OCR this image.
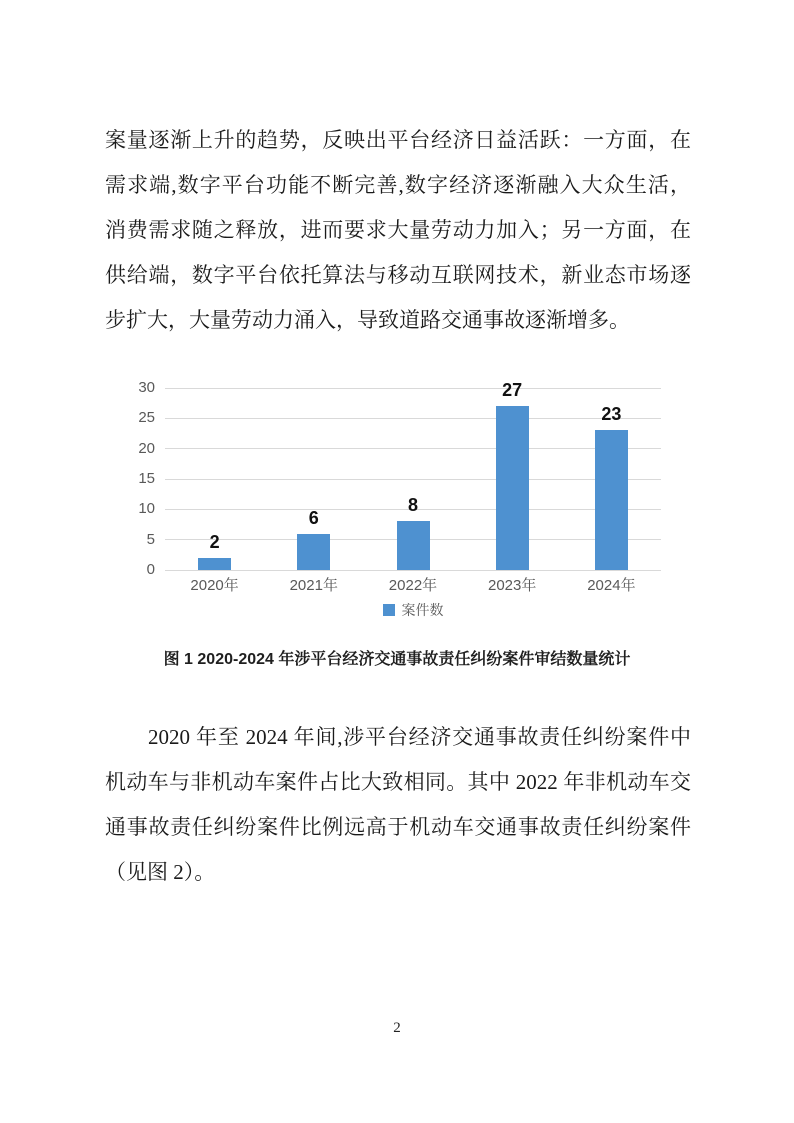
案量逐渐上升的趋势，反映出平台经济日益活跃：一方面，在
需求端,数字平台功能不断完善,数字经济逐渐融入大众生活，
消费需求随之释放，进而要求大量劳动力加入；另一方面，在
供给端，数字平台依托算法与移动互联网技术，新业态市场逐
步扩大，大量劳动力涌入，导致道路交通事故逐渐增多。
0
5
10
15
20
25
30
2
6
8
27
23
2020年	2021年	2022年	2023年	2024年
案件数
图 1 2020-2024 年涉平台经济交通事故责任纠纷案件审结数量统计
2020 年至 2024 年间,涉平台经济交通事故责任纠纷案件中
机动车与非机动车案件占比大致相同。其中 2022 年非机动车交
通事故责任纠纷案件比例远高于机动车交通事故责任纠纷案件
（见图 2）。
2
